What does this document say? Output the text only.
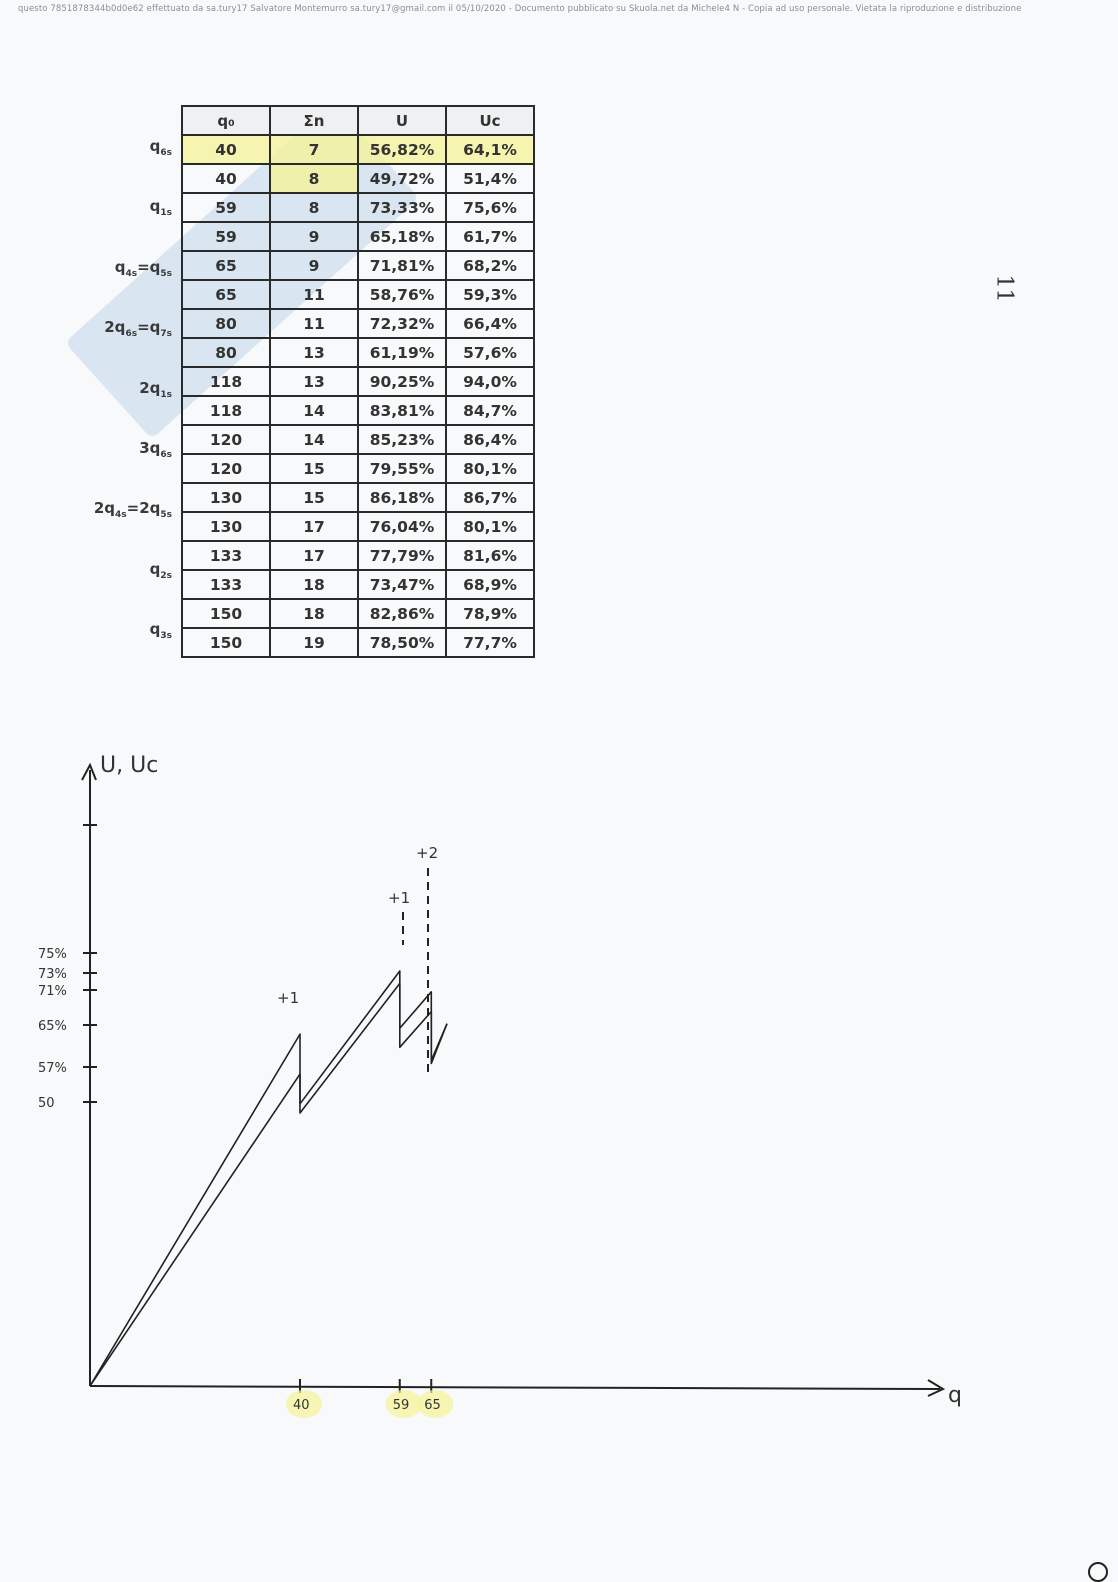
questo 7851878344b0d0e62 effettuato da sa.tury17 Salvatore Montemurro sa.tury17@gmail.com il 05/10/2020 - Documento pubblicato su Skuola.net da Michele4 N - Copia ad uso personale. Vietata la riproduzione e distribuzione
11
q₀	Σn	U	Uc
40	7	56,82%	64,1%
40	8	49,72%	51,4%
59	8	73,33%	75,6%
59	9	65,18%	61,7%
65	9	71,81%	68,2%
65	11	58,76%	59,3%
80	11	72,32%	66,4%
80	13	61,19%	57,6%
118	13	90,25%	94,0%
118	14	83,81%	84,7%
120	14	85,23%	86,4%
120	15	79,55%	80,1%
130	15	86,18%	86,7%
130	17	76,04%	80,1%
133	17	77,79%	81,6%
133	18	73,47%	68,9%
150	18	82,86%	78,9%
150	19	78,50%	77,7%
$q_{6s}$
$q_{1s}$
$q_{4s}=q_{5s}$
$2q_{6s}=q_{7s}$
$2q_{1s}$
$3q_{6s}$
$2q_{4s}=2q_{5s}$
$q_{2s}$
$q_{3s}$
U, Uc
q
75%
73%
71%
65%
57%
50
40	59 65
+1
+1
+2
